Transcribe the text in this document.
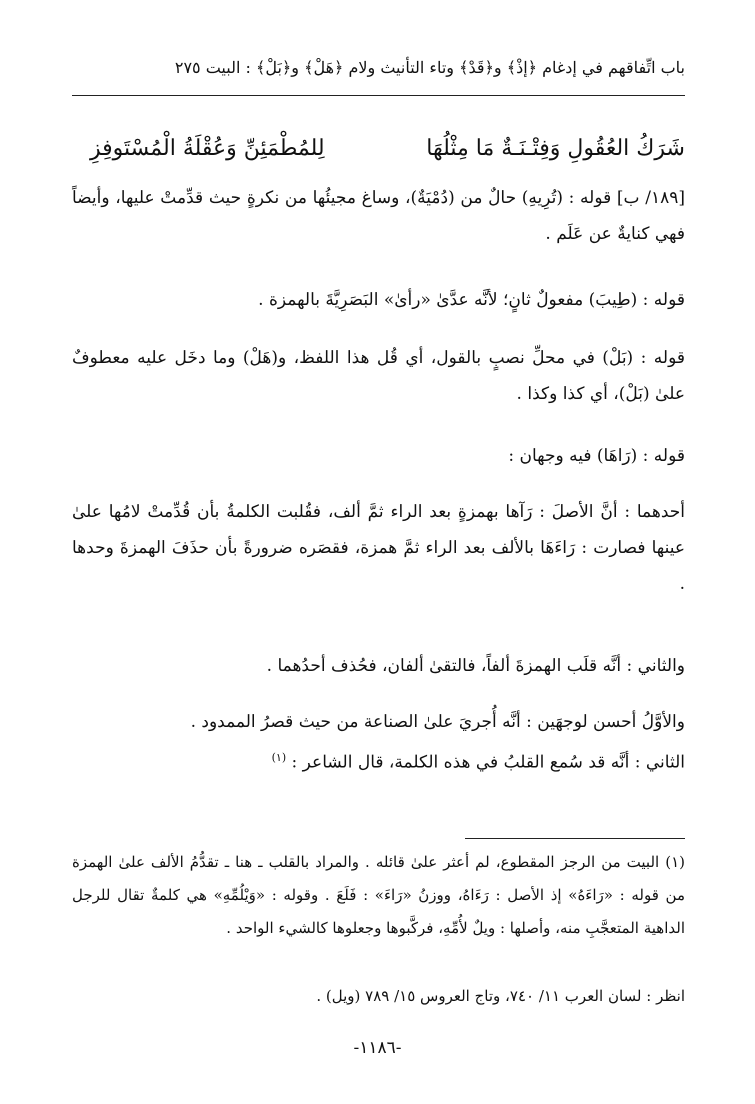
باب اتِّفاقهم في إدغام ﴿إذْ﴾ و﴿قَدْ﴾ وتاء التأنيث ولام ﴿هَلْ﴾ و﴿بَلْ﴾ : البيت ٢٧٥
شَرَكُ العُقُولِ وَفِتْـنَـةٌ مَا مِثْلُهَا
لِلمُطْمَئِنِّ وَعُقْلَةُ الْمُسْتَوفِزِ
[١٨٩/ ب] قوله : (تُرِيهِ) حالٌ من (دُمْيَةٌ)، وساغ مجيئُها من نكرةٍ حيث قدِّمتْ عليها، وأيضاً فهي كنايةٌ عن عَلَم .
قوله : (طِيبَ) مفعولٌ ثانٍ؛ لأنَّه عدَّىٰ «رأىٰ» البَصَرِيَّةَ بالهمزة .
قوله : (بَلْ) في محلِّ نصبٍ بالقول، أي قُل هذا اللفظ، و(هَلْ) وما دخَل عليه معطوفٌ علىٰ (بَلْ)، أي كذا وكذا .
قوله : (رَاهَا) فيه وجهان :
أحدهما : أنَّ الأصلَ : رَآها بهمزةٍ بعد الراء ثمَّ ألف، فقُلبت الكلمةُ بأن قُدِّمتْ لامُها علىٰ عينها فصارت : رَاءَهَا بالألف بعد الراء ثمَّ همزة، فقصَره ضرورةً بأن حذَفَ الهمزةَ وحدها .
والثاني : أنَّه قلَب الهمزةَ ألفاً، فالتقىٰ ألفان، فحُذف أحدُهما .
والأوَّلُ أحسن لوجهَين : أنَّه أُجريَ علىٰ الصناعة من حيث قصرُ الممدود .
الثاني : أنَّه قد سُمع القلبُ في هذه الكلمة، قال الشاعر : $^{(١)}$
(١) البيت من الرجز المقطوع، لم أعثر علىٰ قائله . والمراد بالقلب ـ هنا ـ تقدُّمُ الألف علىٰ الهمزة من قوله : «رَاءَهُ» إذ الأصل : رَءَاهُ، ووزنُ «رَاءَ» : فَلَعَ . وقوله : «وَيْلُمِّهِ» هي كلمةٌ تقال للرجل الداهية المتعجَّبِ منه، وأصلها : ويلٌ لأُمِّهِ، فركَّبوها وجعلوها كالشيء الواحد .
انظر : لسان العرب ١١/ ٧٤٠، وتاج العروس ١٥/ ٧٨٩ (ويل) .
-١١٨٦-
